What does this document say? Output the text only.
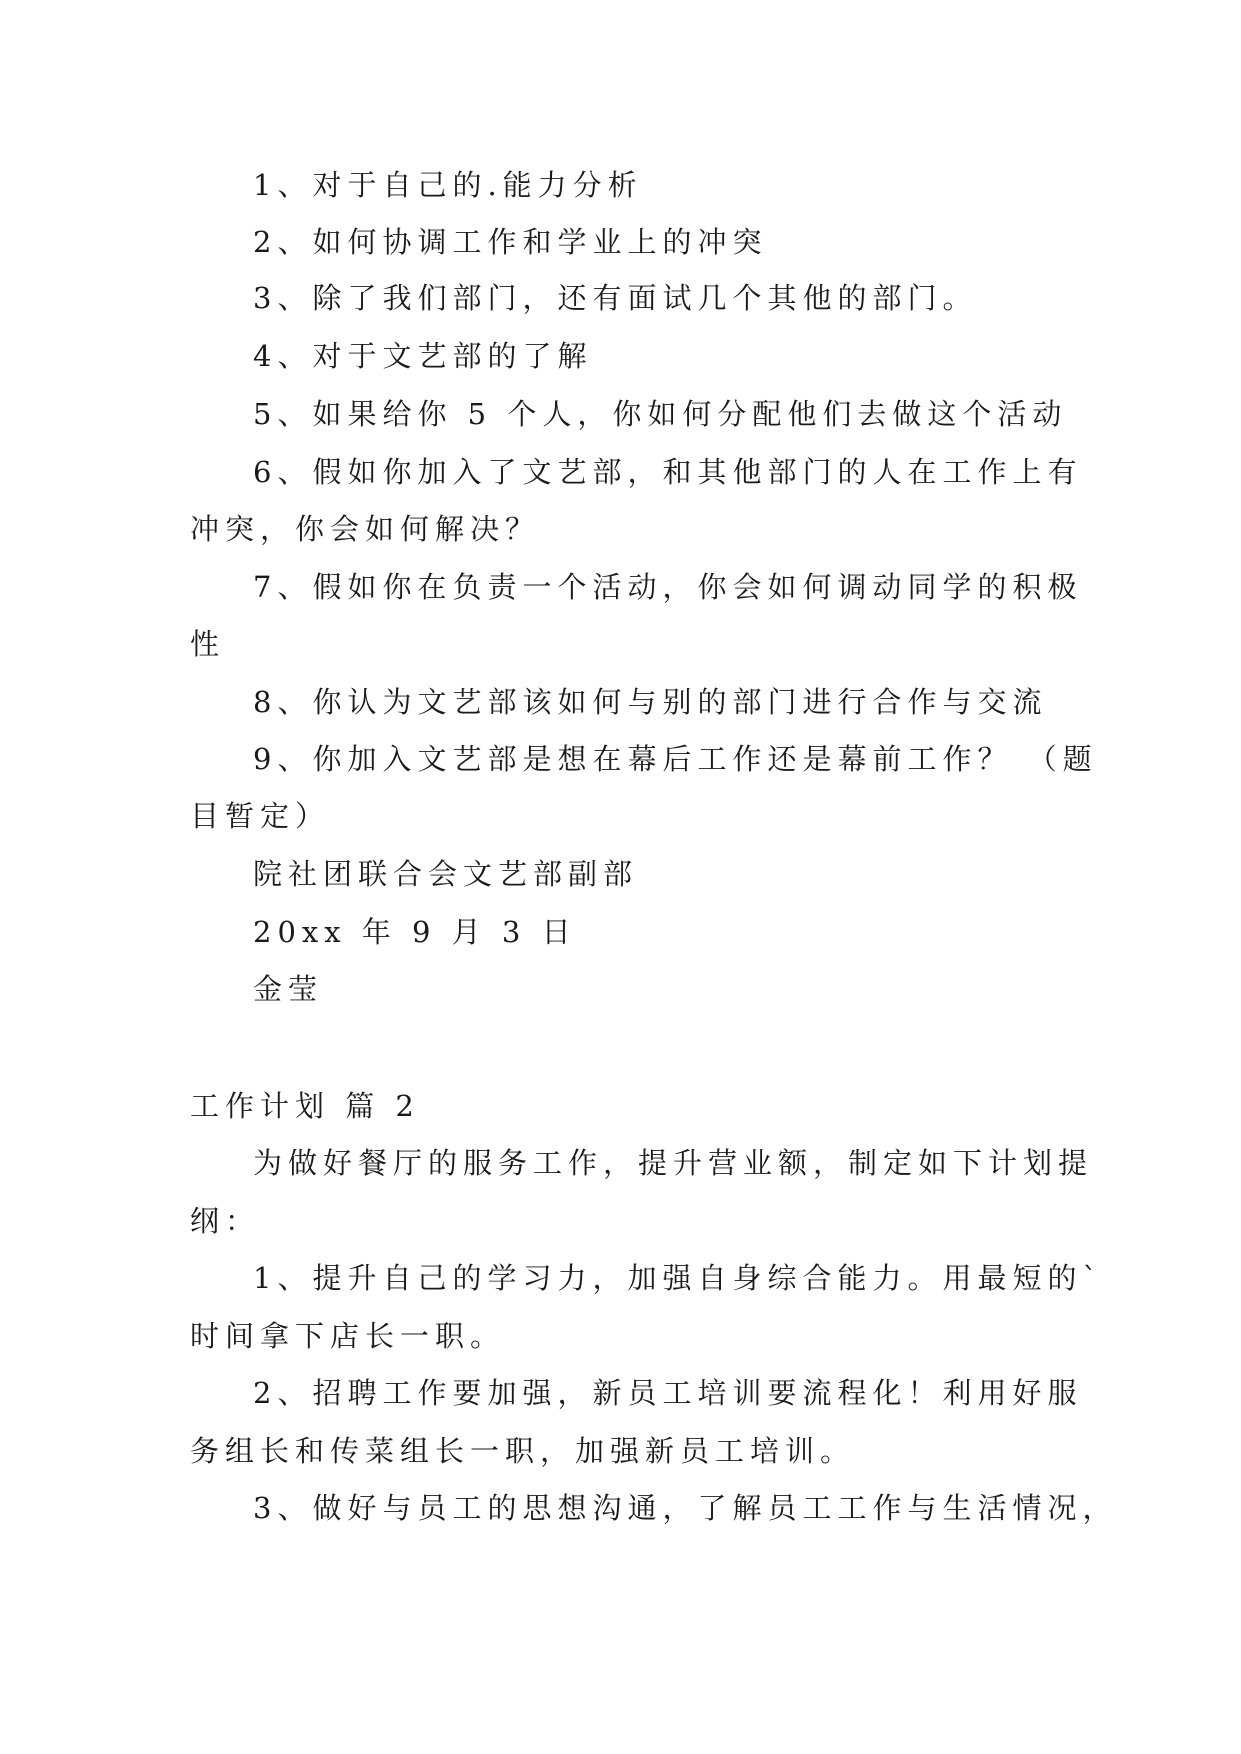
1、对于自己的.能力分析
2、如何协调工作和学业上的冲突
3、除了我们部门，还有面试几个其他的部门。
4、对于文艺部的了解
5、如果给你 5 个人，你如何分配他们去做这个活动
6、假如你加入了文艺部，和其他部门的人在工作上有
冲突，你会如何解决？
7、假如你在负责一个活动，你会如何调动同学的积极
性
8、你认为文艺部该如何与别的部门进行合作与交流
9、你加入文艺部是想在幕后工作还是幕前工作？ （题
目暂定）
院社团联合会文艺部副部
20xx 年 9 月 3 日
金莹
工作计划 篇 2
为做好餐厅的服务工作，提升营业额，制定如下计划提
纲：
1、提升自己的学习力，加强自身综合能力。用最短的`
时间拿下店长一职。
2、招聘工作要加强，新员工培训要流程化！利用好服
务组长和传菜组长一职，加强新员工培训。
3、做好与员工的思想沟通，了解员工工作与生活情况，
